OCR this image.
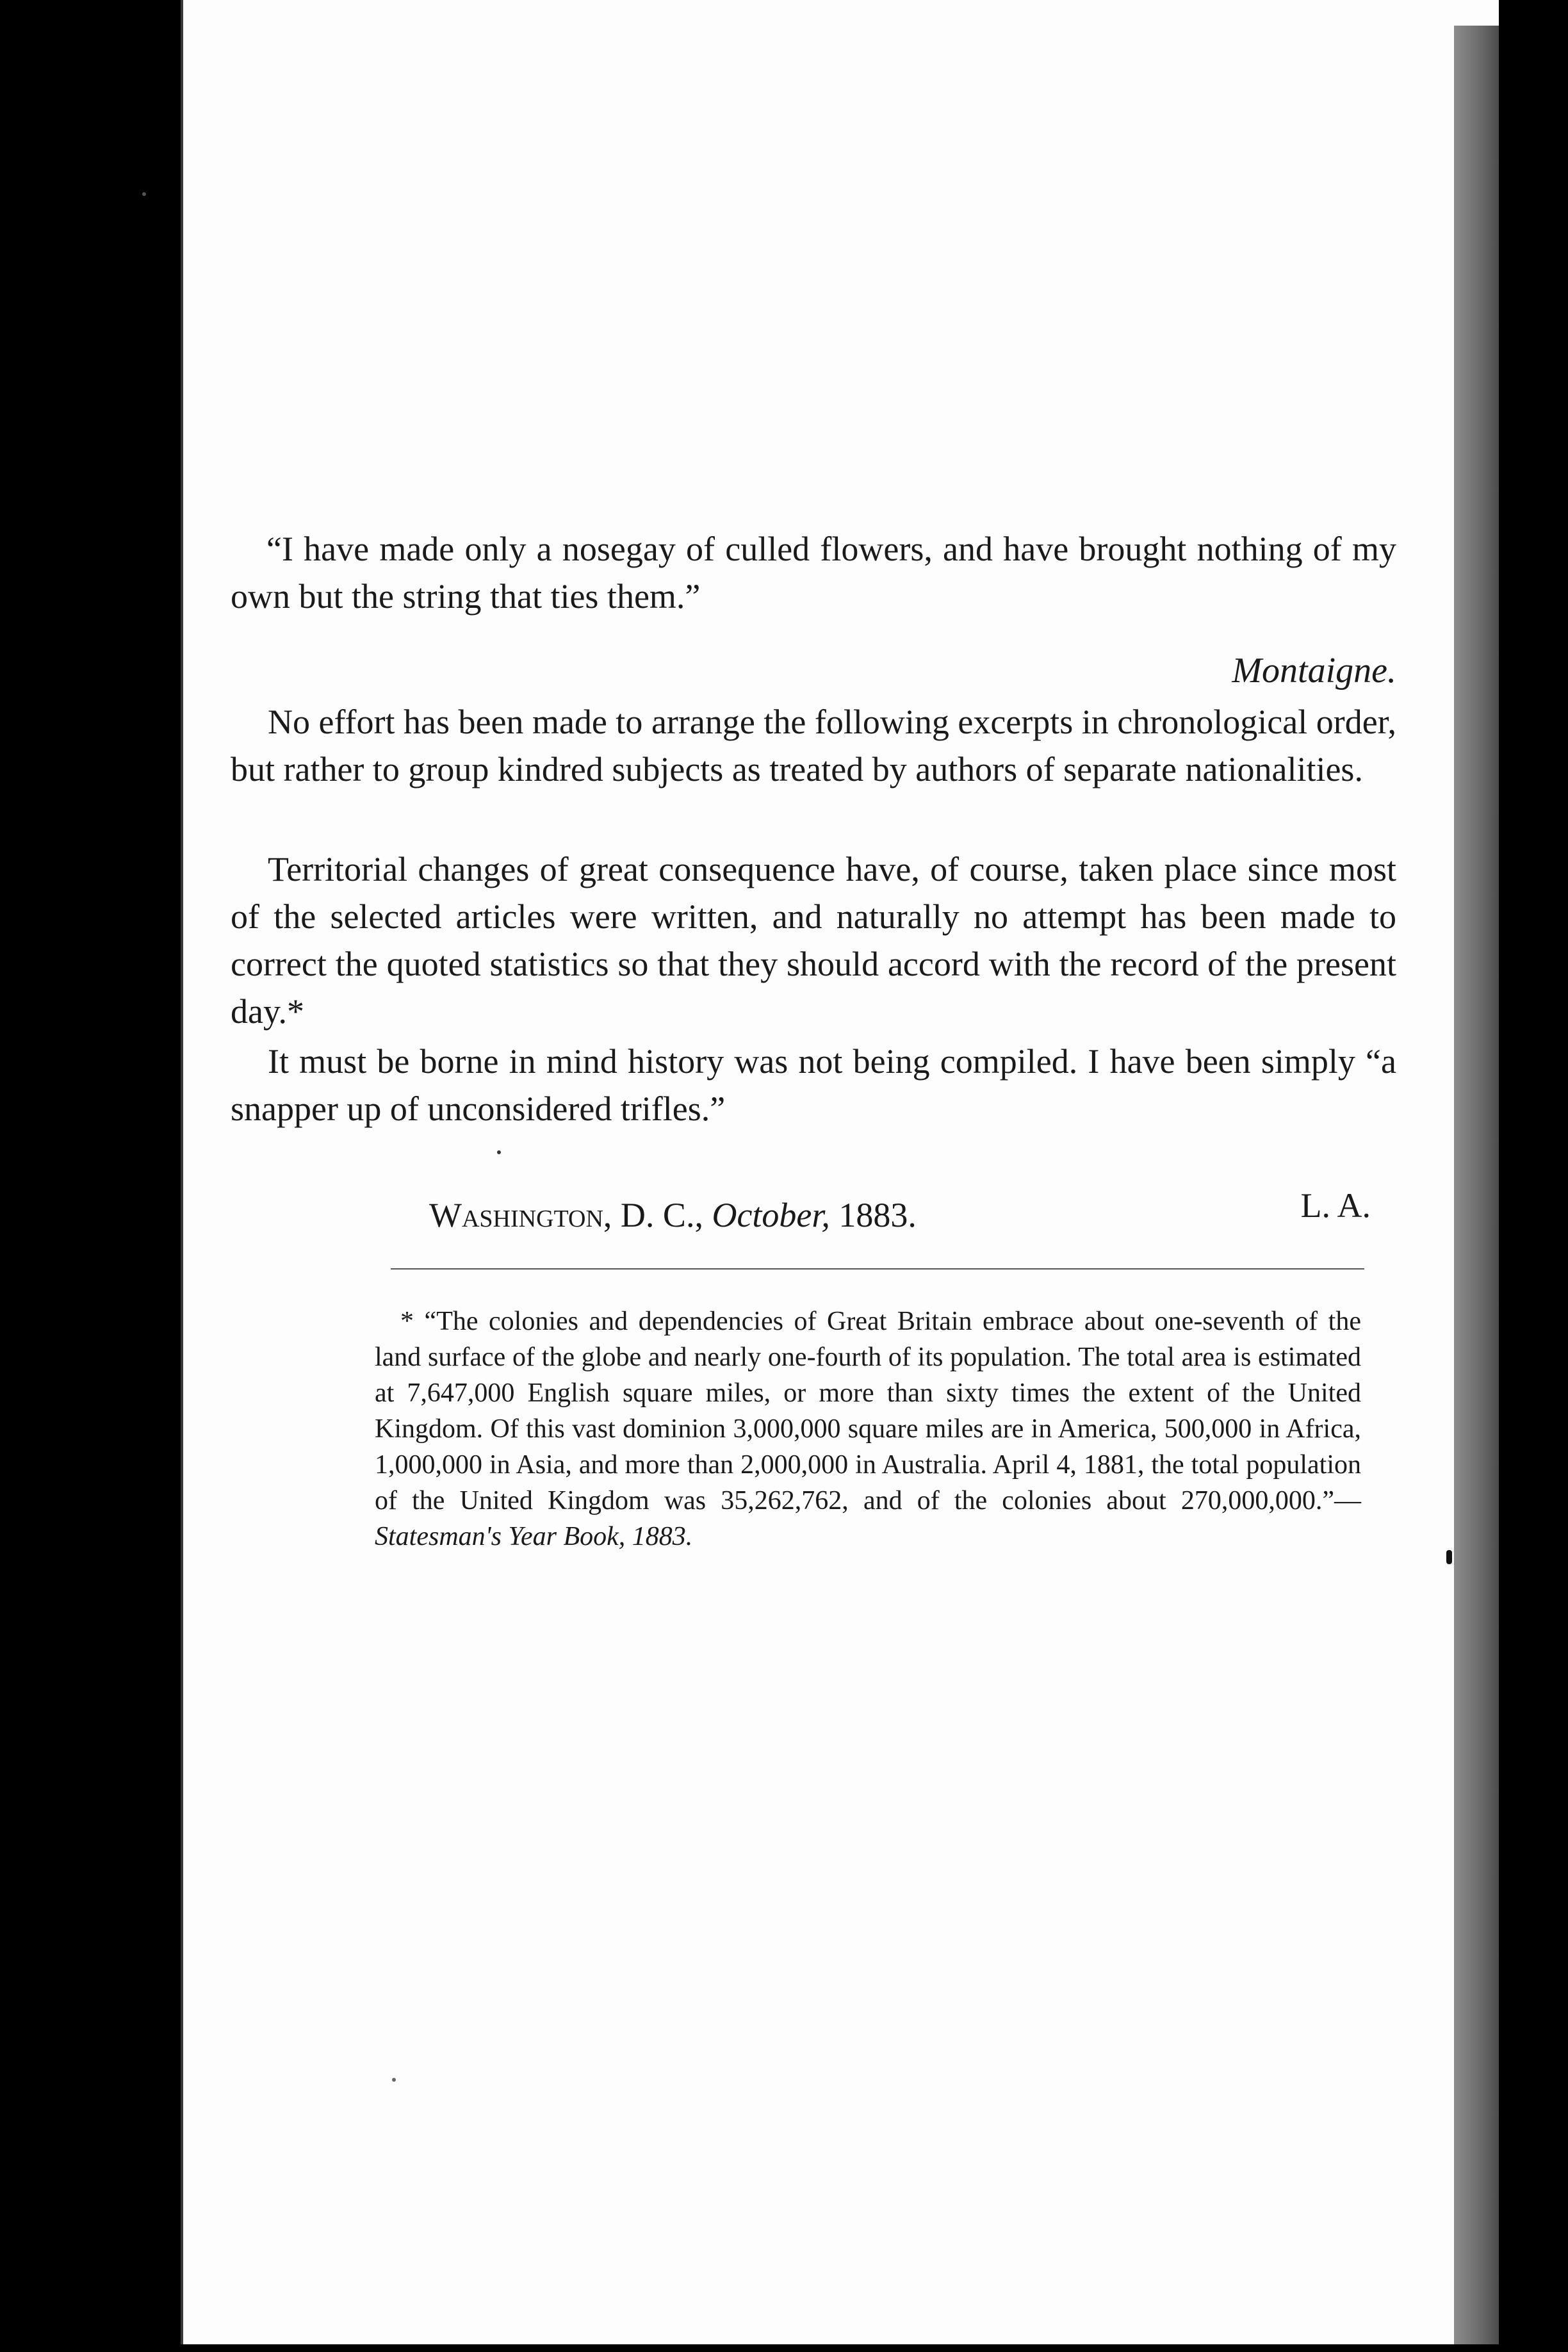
“I have made only a nosegay of culled flowers, and have brought nothing of my own but the string that ties them.”

Montaigne.

No effort has been made to arrange the following excerpts in chronological order, but rather to group kindred subjects as treated by authors of separate nationalities.

Territorial changes of great consequence have, of course, taken place since most of the selected articles were written, and naturally no attempt has been made to correct the quoted statistics so that they should accord with the record of the present day.*

It must be borne in mind history was not being compiled. I have been simply “a snapper up of unconsidered trifles.”

L. A.

Washington, D. C., October, 1883.

* “The colonies and dependencies of Great Britain embrace about one-seventh of the land surface of the globe and nearly one-fourth of its population. The total area is estimated at 7,647,000 English square miles, or more than sixty times the extent of the United Kingdom. Of this vast dominion 3,000,000 square miles are in America, 500,000 in Africa, 1,000,000 in Asia, and more than 2,000,000 in Australia. April 4, 1881, the total population of the United Kingdom was 35,262,762, and of the colonies about 270,000,000.”—Statesman's Year Book, 1883.
